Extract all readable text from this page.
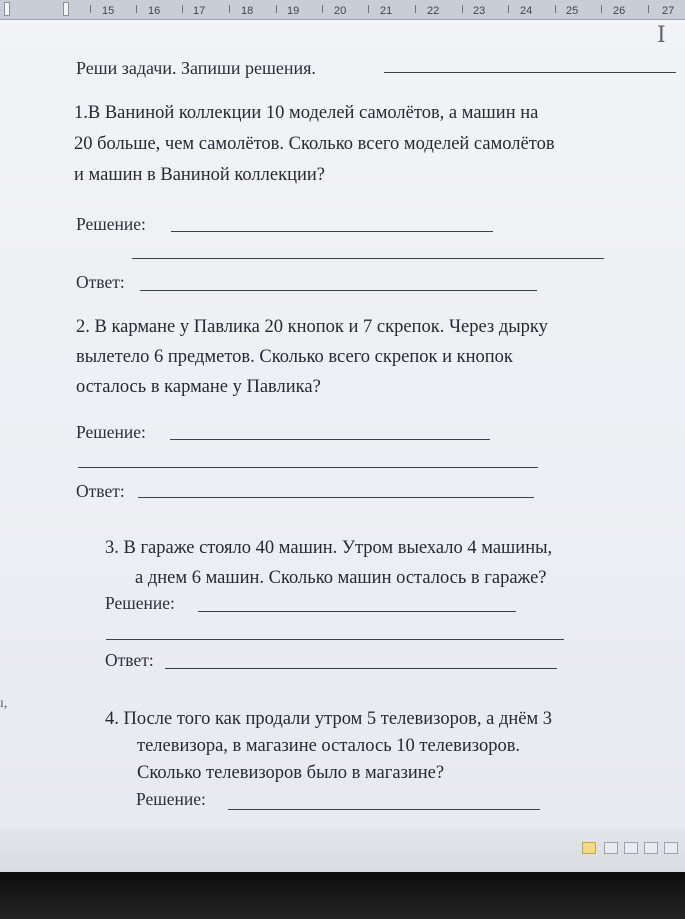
15	16	17	18	19	20	21	22	23	24	25	26	27
I
Реши задачи. Запиши решения.
1.В Ваниной коллекции 10 моделей самолётов, а машин на
20 больше, чем самолётов. Сколько всего моделей самолётов
и машин в Ваниной коллекции?
Решение:
Ответ:
2. В кармане у Павлика 20 кнопок и 7 скрепок. Через дырку
вылетело 6 предметов. Сколько всего скрепок и кнопок
осталось в кармане у Павлика?
Решение:
Ответ:
3. В гараже стояло 40 машин. Утром выехало 4 машины,
а днем 6 машин. Сколько машин осталось в гараже?
Решение:
Ответ:
ı,
4. После того как продали утром 5 телевизоров, а днём 3
телевизора, в магазине осталось 10 телевизоров.
Сколько телевизоров было в магазине?
Решение:
